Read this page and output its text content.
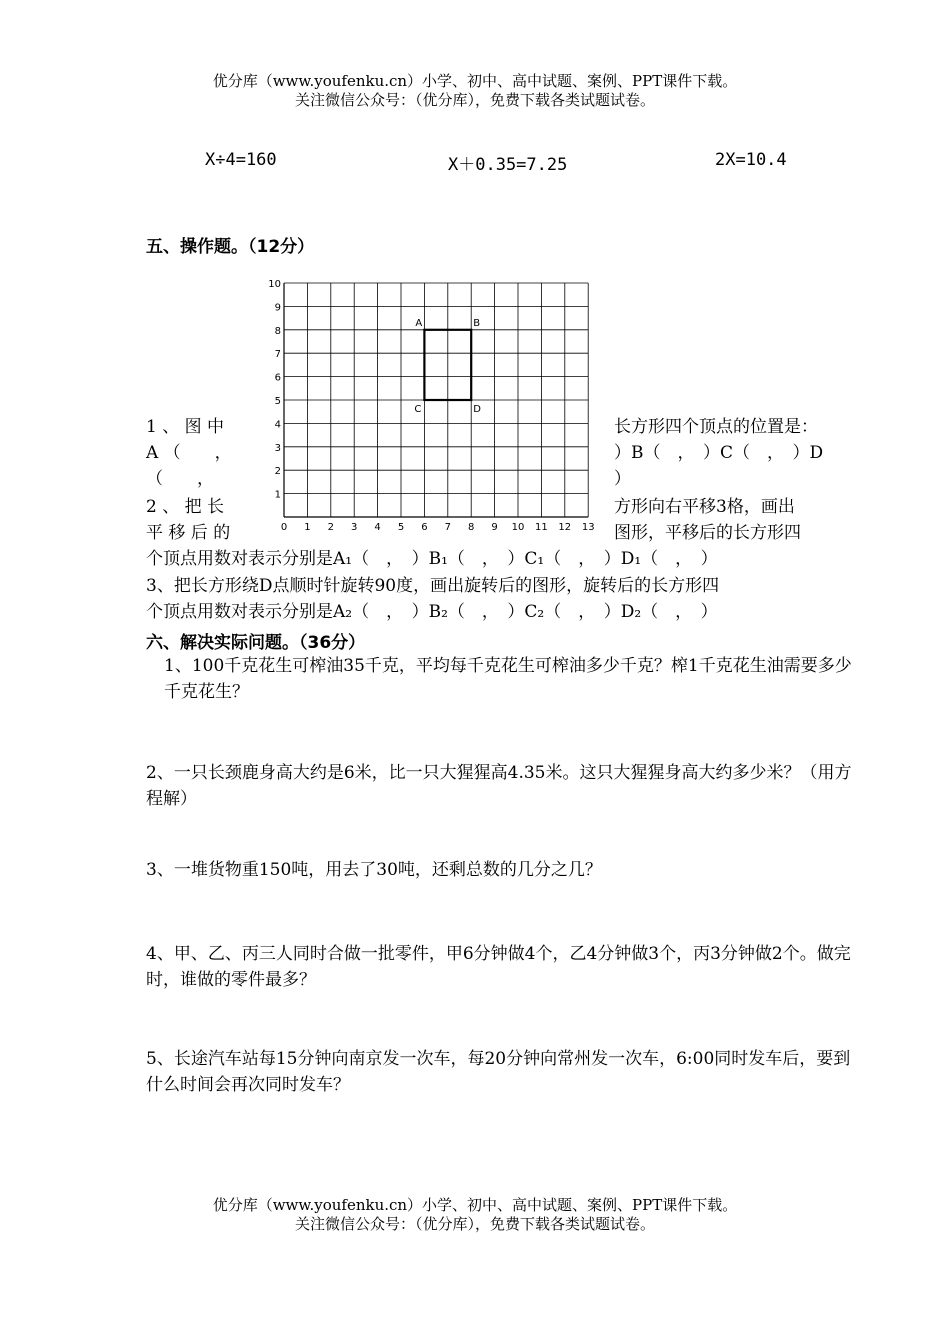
优分库（www.youfenku.cn）小学、初中、高中试题、案例、PPT课件下载。
关注微信公众号：（优分库），免费下载各类试题试卷。
X÷4=160	X＋0.35=7.25	2X=10.4
五、操作题。（12分）
0 1 2 3 4 5 6 7 8 9 10 11 12 13
1
2
3
4
5
6
7
8
9
10
A	B
C	D
1 、 图 中	长方形四个顶点的位置是：
A （　　，	）B（　，　）C（　，　）D
（　　，	）
2 、 把 长	方形向右平移3格，画出
平 移 后 的	图形，平移后的长方形四
个顶点用数对表示分别是A₁（　，　）B₁（　，　）C₁（　，　）D₁（　，　）
3、把长方形绕D点顺时针旋转90度，画出旋转后的图形，旋转后的长方形四
个顶点用数对表示分别是A₂（　，　）B₂（　，　）C₂（　，　）D₂（　，　）
六、解决实际问题。（36分）
1、100千克花生可榨油35千克，平均每千克花生可榨油多少千克？榨1千克花生油需要多少千克花生？
2、一只长颈鹿身高大约是6米，比一只大猩猩高4.35米。这只大猩猩身高大约多少米？（用方程解）
3、一堆货物重150吨，用去了30吨，还剩总数的几分之几？
4、甲、乙、丙三人同时合做一批零件，甲6分钟做4个，乙4分钟做3个，丙3分钟做2个。做完时，谁做的零件最多？
5、长途汽车站每15分钟向南京发一次车，每20分钟向常州发一次车，6:00同时发车后，要到什么时间会再次同时发车？
优分库（www.youfenku.cn）小学、初中、高中试题、案例、PPT课件下载。
关注微信公众号：（优分库），免费下载各类试题试卷。
